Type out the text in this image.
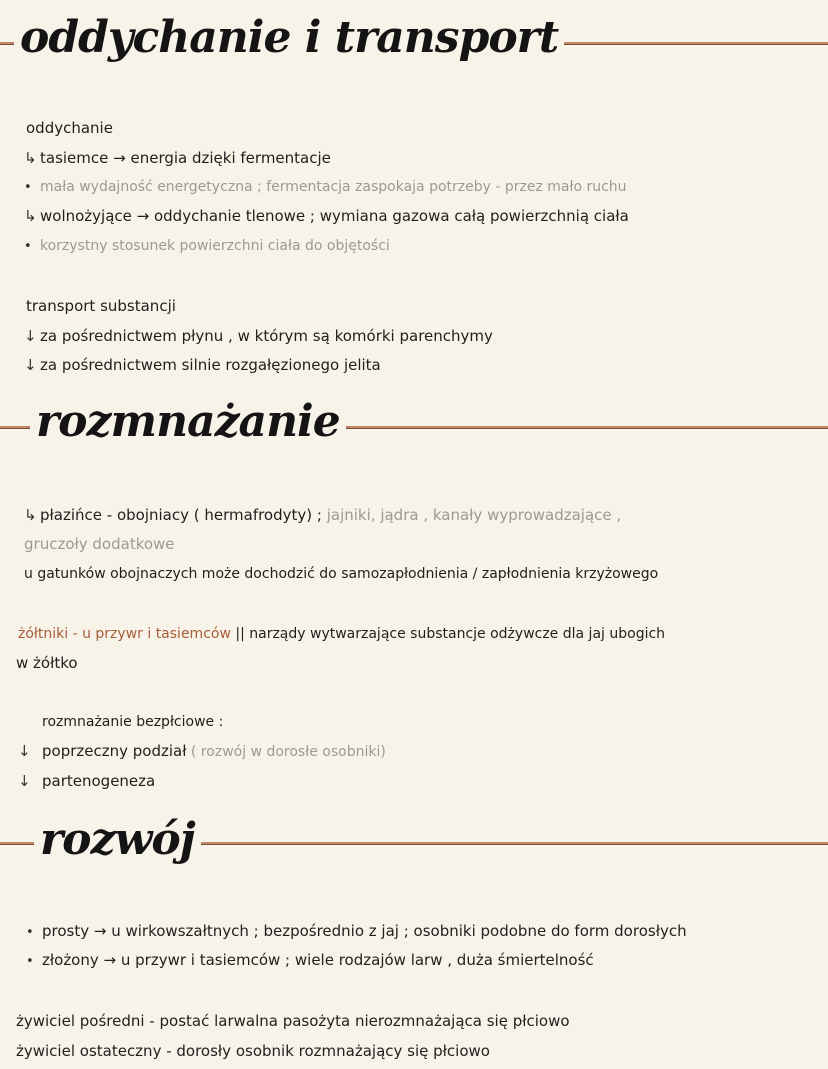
oddychanie i transport
oddychanie
↳ tasiemce → energia dzięki fermentacje
• mała wydajność energetyczna ; fermentacja zaspokaja potrzeby - przez mało ruchu
↳ wolnożyjące → oddychanie tlenowe ; wymiana gazowa całą powierzchnią ciała
• korzystny stosunek powierzchni ciała do objętości
transport substancji
↓ za pośrednictwem płynu , w którym są komórki parenchymy
↓ za pośrednictwem silnie rozgałęzionego jelita
rozmnażanie
↳ płazińce - obojniacy ( hermafrodyty) ; jajniki, jądra , kanały wyprowadzające ,
gruczoły dodatkowe
u gatunków obojnaczych może dochodzić do samozapłodnienia / zapłodnienia krzyżowego
żółtniki - u przywr i tasiemców || narządy wytwarzające substancje odżywcze dla jaj ubogich
w żółtko
rozmnażanie bezpłciowe :
↓ poprzeczny podział ( rozwój w dorosłe osobniki)
↓ partenogeneza
rozwój
• prosty → u wirkowszałtnych ; bezpośrednio z jaj ; osobniki podobne do form dorosłych
• złożony → u przywr i tasiemców ; wiele rodzajów larw , duża śmiertelność
żywiciel pośredni - postać larwalna pasożyta nierozmnażająca się płciowo
żywiciel ostateczny - dorosły osobnik rozmnażający się płciowo
